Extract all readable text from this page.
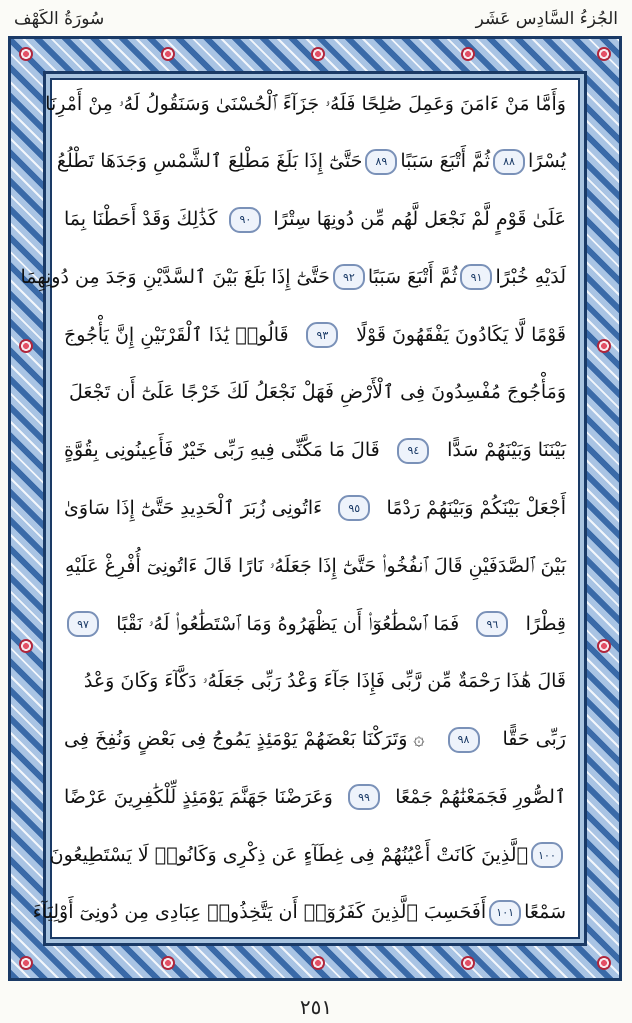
الجُزءُ السَّادِس عَشَر
سُورَةُ الكَهْف
وَأَمَّا مَنْ ءَامَنَ وَعَمِلَ صَٰلِحًا فَلَهُۥ جَزَآءً ٱلْحُسْنَىٰ وَسَنَقُولُ لَهُۥ مِنْ أَمْرِنَا
يُسْرًا
٨٨
ثُمَّ أَتْبَعَ سَبَبًا
٨٩
حَتَّىٰٓ إِذَا بَلَغَ مَطْلِعَ ٱلشَّمْسِ وَجَدَهَا تَطْلُعُ
عَلَىٰ قَوْمٍ لَّمْ نَجْعَل لَّهُم مِّن دُونِهَا سِتْرًا
٩٠
كَذَٰلِكَ وَقَدْ أَحَطْنَا بِمَا
لَدَيْهِ خُبْرًا
٩١
ثُمَّ أَتْبَعَ سَبَبًا
٩٢
حَتَّىٰٓ إِذَا بَلَغَ بَيْنَ ٱلسَّدَّيْنِ وَجَدَ مِن دُونِهِمَا
قَوْمًا لَّا يَكَادُونَ يَفْقَهُونَ قَوْلًا
٩٣
قَالُوا۟ يَٰذَا ٱلْقَرْنَيْنِ إِنَّ يَأْجُوجَ
وَمَأْجُوجَ مُفْسِدُونَ فِى ٱلْأَرْضِ فَهَلْ نَجْعَلُ لَكَ خَرْجًا عَلَىٰٓ أَن تَجْعَلَ
بَيْنَنَا وَبَيْنَهُمْ سَدًّا
٩٤
قَالَ مَا مَكَّنِّى فِيهِ رَبِّى خَيْرٌ فَأَعِينُونِى بِقُوَّةٍ
أَجْعَلْ بَيْنَكُمْ وَبَيْنَهُمْ رَدْمًا
٩٥
ءَاتُونِى زُبَرَ ٱلْحَدِيدِ حَتَّىٰٓ إِذَا سَاوَىٰ
بَيْنَ ٱلصَّدَفَيْنِ قَالَ ٱنفُخُوا۟ حَتَّىٰٓ إِذَا جَعَلَهُۥ نَارًا قَالَ ءَاتُونِىٓ أُفْرِغْ عَلَيْهِ
قِطْرًا
٩٦
فَمَا ٱسْطَٰعُوٓا۟ أَن يَظْهَرُوهُ وَمَا ٱسْتَطَٰعُوا۟ لَهُۥ نَقْبًا
٩٧
قَالَ هَٰذَا رَحْمَةٌ مِّن رَّبِّى فَإِذَا جَآءَ وَعْدُ رَبِّى جَعَلَهُۥ دَكَّآءَ وَكَانَ وَعْدُ
رَبِّى حَقًّا
٩٨
۞ وَتَرَكْنَا بَعْضَهُمْ يَوْمَئِذٍ يَمُوجُ فِى بَعْضٍ وَنُفِخَ فِى
ٱلصُّورِ فَجَمَعْنَٰهُمْ جَمْعًا
٩٩
وَعَرَضْنَا جَهَنَّمَ يَوْمَئِذٍ لِّلْكَٰفِرِينَ عَرْضًا
١٠٠
ٱلَّذِينَ كَانَتْ أَعْيُنُهُمْ فِى غِطَآءٍ عَن ذِكْرِى وَكَانُوا۟ لَا يَسْتَطِيعُونَ
سَمْعًا
١٠١
أَفَحَسِبَ ٱلَّذِينَ كَفَرُوٓا۟ أَن يَتَّخِذُوا۟ عِبَادِى مِن دُونِىٓ أَوْلِيَآءَ
٢٥١
